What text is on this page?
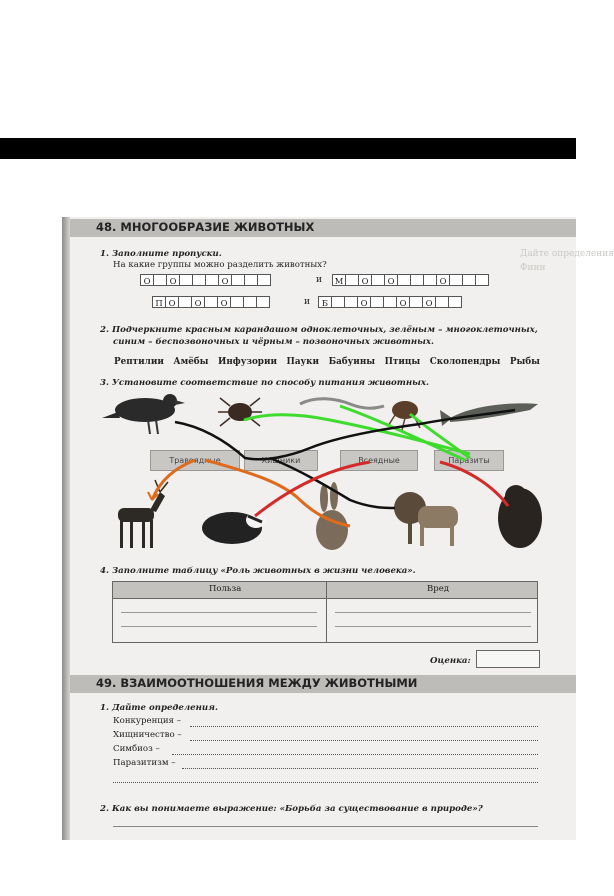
Дайте определения
Финн
48. МНОГООБРАЗИЕ ЖИВОТНЫХ
1. Заполните пропуски.
На какие группы можно разделить животных?
О	О	О	и	М	О	О	О
П О	О	О	и	Б	О	О	О
2. Подчеркните красным карандашом одноклеточных, зелёным – многоклеточных,
синим – беспозвоночных и чёрным – позвоночных животных.
Рептилии Амёбы Инфузории Пауки Бабуины Птицы Сколопендры Рыбы
3. Установите соответствие по способу питания животных.
Травоядные	Хищники	Всеядные	Паразиты
4. Заполните таблицу «Роль животных в жизни человека».
Польза	Вред
Оценка:
49. ВЗАИМООТНОШЕНИЯ МЕЖДУ ЖИВОТНЫМИ
1. Дайте определения.
Конкуренция –
Хищничество –
Симбиоз –
Паразитизм –
2. Как вы понимаете выражение: «Борьба за существование в природе»?
